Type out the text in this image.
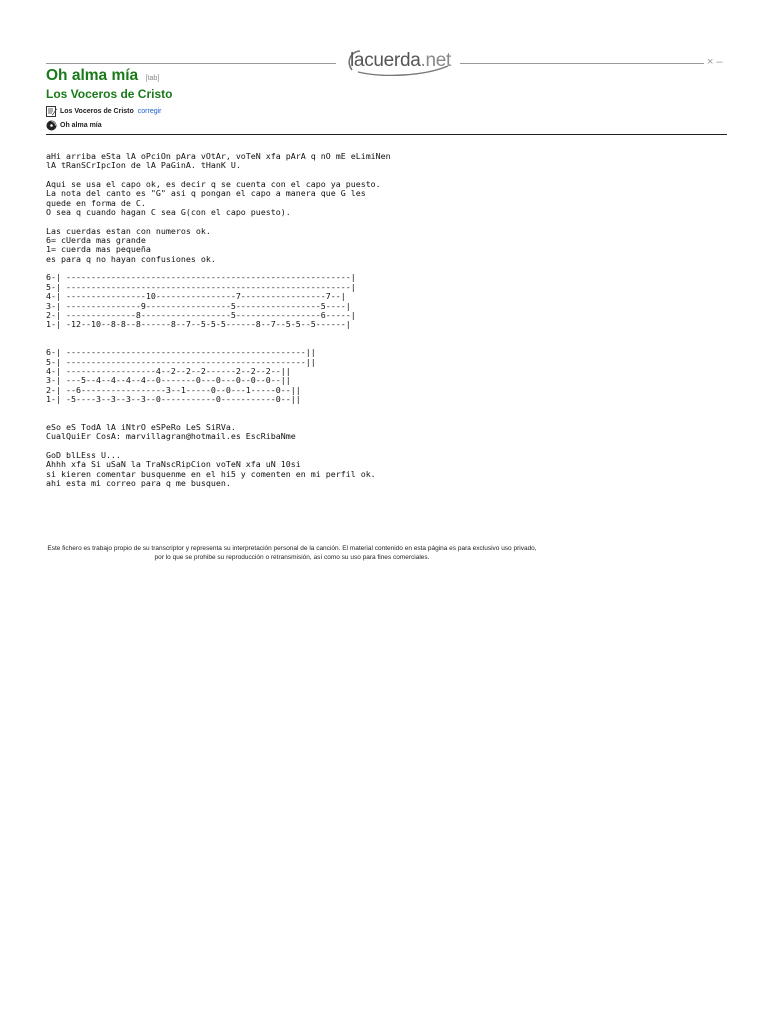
lacuerda.net	× –
Oh alma mía [tab]
Los Voceros de Cristo
Los Voceros de Cristo corregir
Oh alma mía
aHi arriba eSta lA oPciOn pAra vOtAr, voTeN xfa pArA q nO mE eLimiNen
lA tRanSCrIpcIon de lA PaGinA. tHanK U.

Aqui se usa el capo ok, es decir q se cuenta con el capo ya puesto.
La nota del canto es "G" asi q pongan el capo a manera que G les
quede en forma de C.
O sea q cuando hagan C sea G(con el capo puesto).

Las cuerdas estan con numeros ok.
6= cUerda mas grande
1= cuerda mas pequeña
es para q no hayan confusiones ok.

6-| ---------------------------------------------------------|
5-| ---------------------------------------------------------|
4-| ----------------10----------------7-----------------7--|
3-| ---------------9-----------------5-----------------5----|
2-| --------------8------------------5-----------------6-----|
1-| -12--10--8-8--8------8--7--5-5-5------8--7--5-5--5------|

6-| ------------------------------------------------||
5-| ------------------------------------------------||
4-| ------------------4--2--2--2------2--2--2--||
3-| ---5--4--4--4--4--0-------0---0---0--0--0--||
2-| --6-----------------3--1-----0--0---1-----0--||
1-| -5----3--3--3--3--0-----------0-----------0--||

eSo eS TodA lA iNtrO eSPeRo LeS SiRVa.
CualQuiEr CosA: marvillagran@hotmail.es EscRibaNme

GoD blLEss U...
Ahhh xfa Si uSaN la TraNscRipCion voTeN xfa uN 10si
si kieren comentar busquenme en el hi5 y comenten en mi perfil ok.
ahi esta mi correo para q me busquen.
Este fichero es trabajo propio de su transcriptor y representa su interpretación personal de la canción. El material contenido en esta página es para exclusivo uso privado, por lo que se prohibe su reproducción o retransmisión, así como su uso para fines comerciales.
